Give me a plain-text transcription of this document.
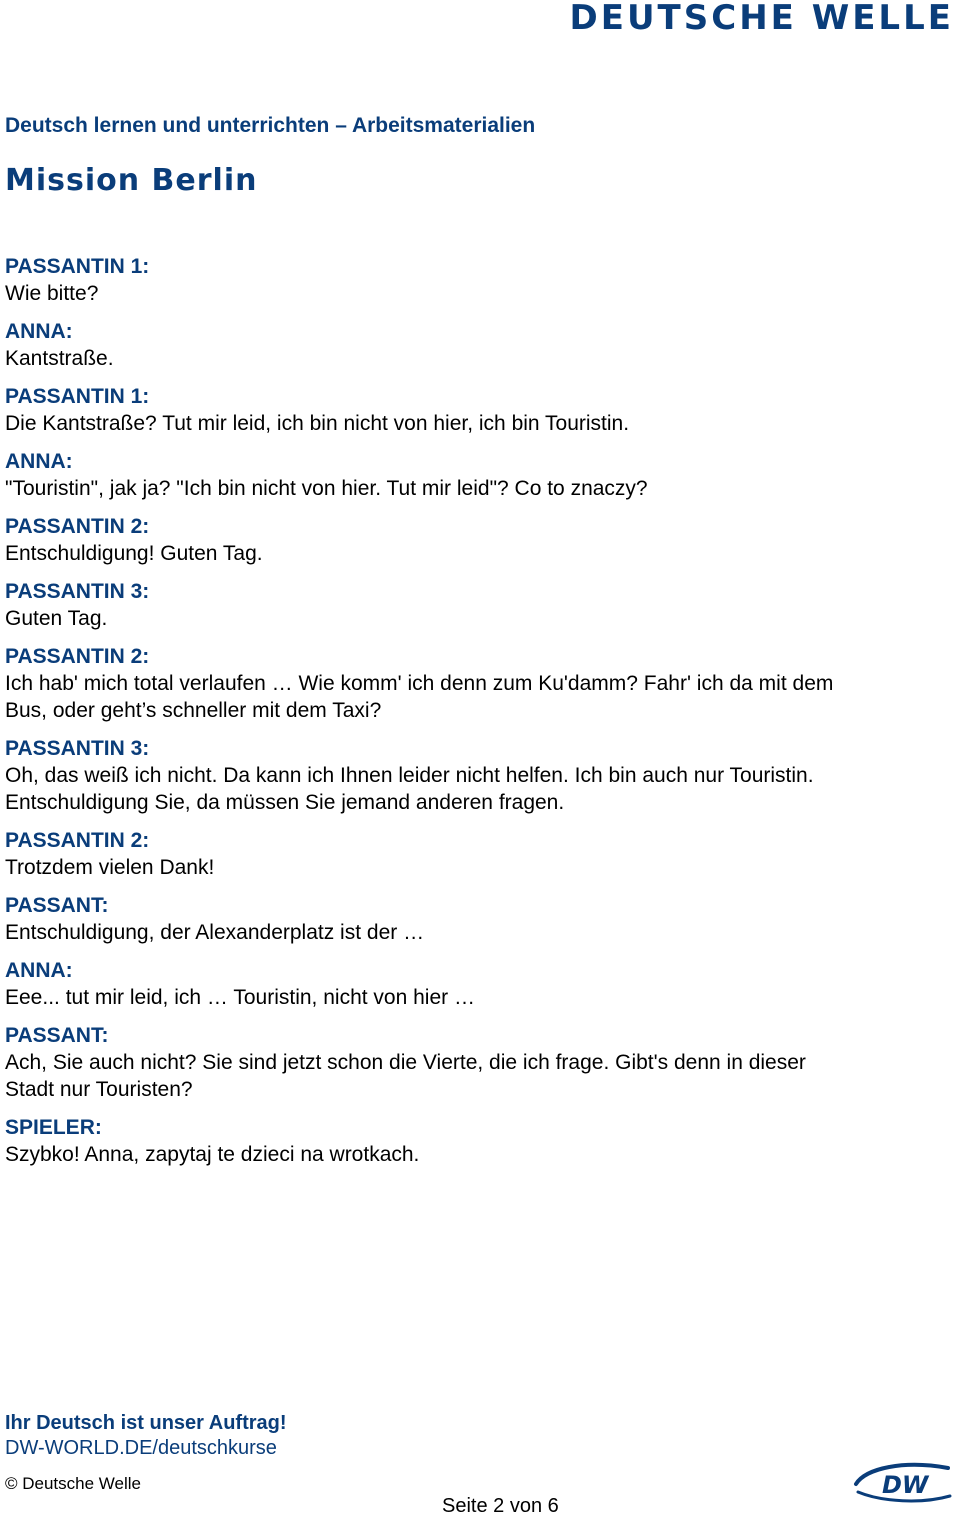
DEUTSCHE WELLE
Deutsch lernen und unterrichten – Arbeitsmaterialien
Mission Berlin
PASSANTIN 1:
Wie bitte?
ANNA:
Kantstraße.
PASSANTIN 1:
Die Kantstraße? Tut mir leid, ich bin nicht von hier, ich bin Touristin.
ANNA:
"Touristin", jak ja? "Ich bin nicht von hier. Tut mir leid"? Co to znaczy?
PASSANTIN 2:
Entschuldigung! Guten Tag.
PASSANTIN 3:
Guten Tag.
PASSANTIN 2:
Ich hab' mich total verlaufen … Wie komm' ich denn zum Ku'damm? Fahr' ich da mit dem
Bus, oder geht’s schneller mit dem Taxi?
PASSANTIN 3:
Oh, das weiß ich nicht. Da kann ich Ihnen leider nicht helfen. Ich bin auch nur Touristin.
Entschuldigung Sie, da müssen Sie jemand anderen fragen.
PASSANTIN 2:
Trotzdem vielen Dank!
PASSANT:
Entschuldigung, der Alexanderplatz ist der …
ANNA:
Eee... tut mir leid, ich … Touristin, nicht von hier …
PASSANT:
Ach, Sie auch nicht? Sie sind jetzt schon die Vierte, die ich frage. Gibt's denn in dieser
Stadt nur Touristen?
SPIELER:
Szybko! Anna, zapytaj te dzieci na wrotkach.
Ihr Deutsch ist unser Auftrag!
DW-WORLD.DE/deutschkurse
© Deutsche Welle
Seite 2 von 6
DW
